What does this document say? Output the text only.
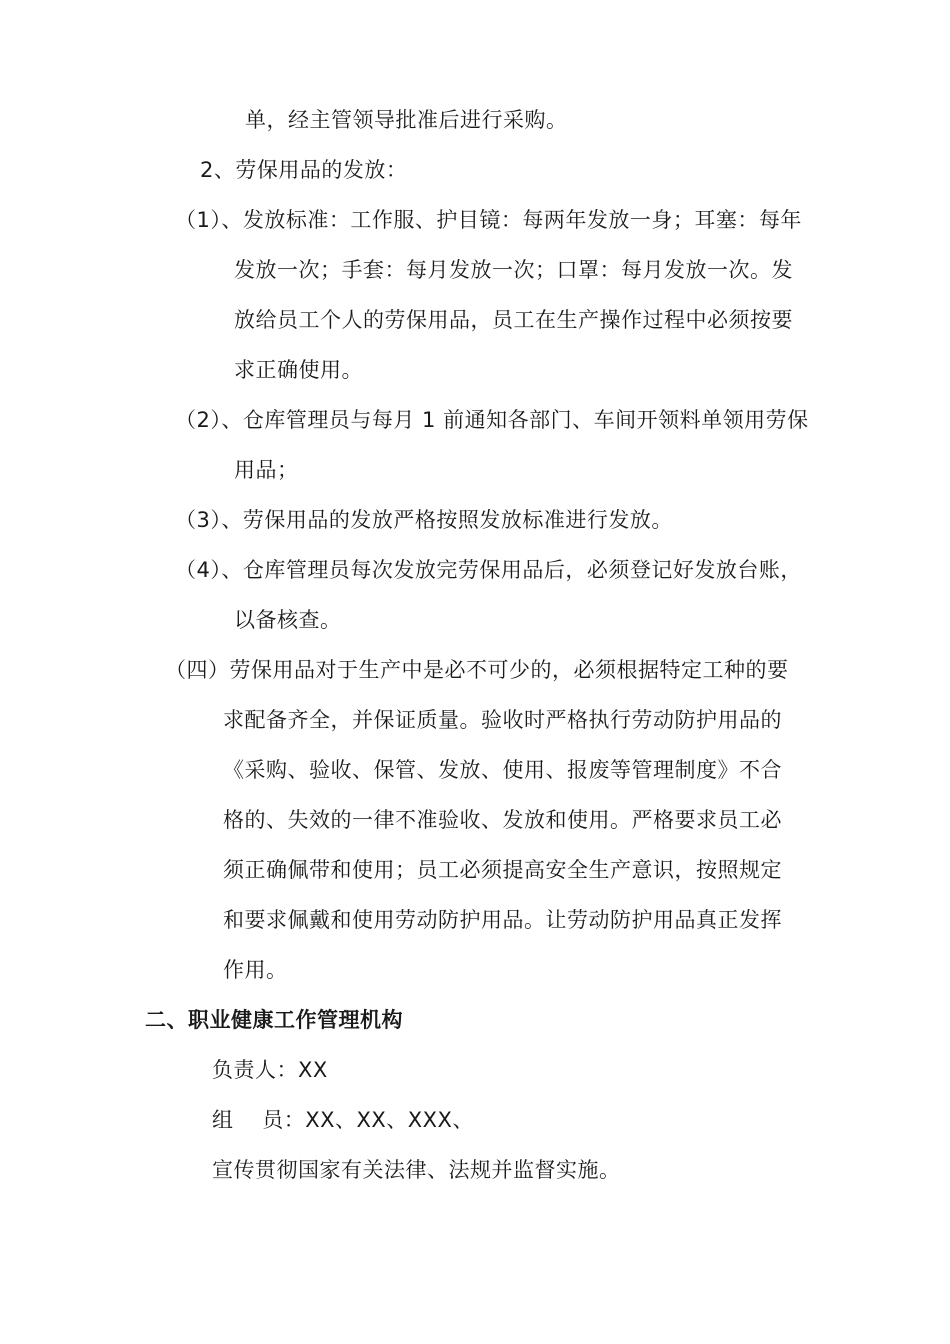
单，经主管领导批准后进行采购。
2、劳保用品的发放：
（1）、发放标准：工作服、护目镜：每两年发放一身；耳塞：每年
发放一次；手套：每月发放一次；口罩：每月发放一次。发
放给员工个人的劳保用品，员工在生产操作过程中必须按要
求正确使用。
（2）、仓库管理员与每月 1 前通知各部门、车间开领料单领用劳保
用品；
（3）、劳保用品的发放严格按照发放标准进行发放。
（4）、仓库管理员每次发放完劳保用品后，必须登记好发放台账，
以备核查。
（四）劳保用品对于生产中是必不可少的，必须根据特定工种的要
求配备齐全，并保证质量。验收时严格执行劳动防护用品的
《采购、验收、保管、发放、使用、报废等管理制度》不合
格的、失效的一律不准验收、发放和使用。严格要求员工必
须正确佩带和使用；员工必须提高安全生产意识，按照规定
和要求佩戴和使用劳动防护用品。让劳动防护用品真正发挥
作用。
二、职业健康工作管理机构
负责人：XX
组    员：XX、XX、XXX、
宣传贯彻国家有关法律、法规并监督实施。
